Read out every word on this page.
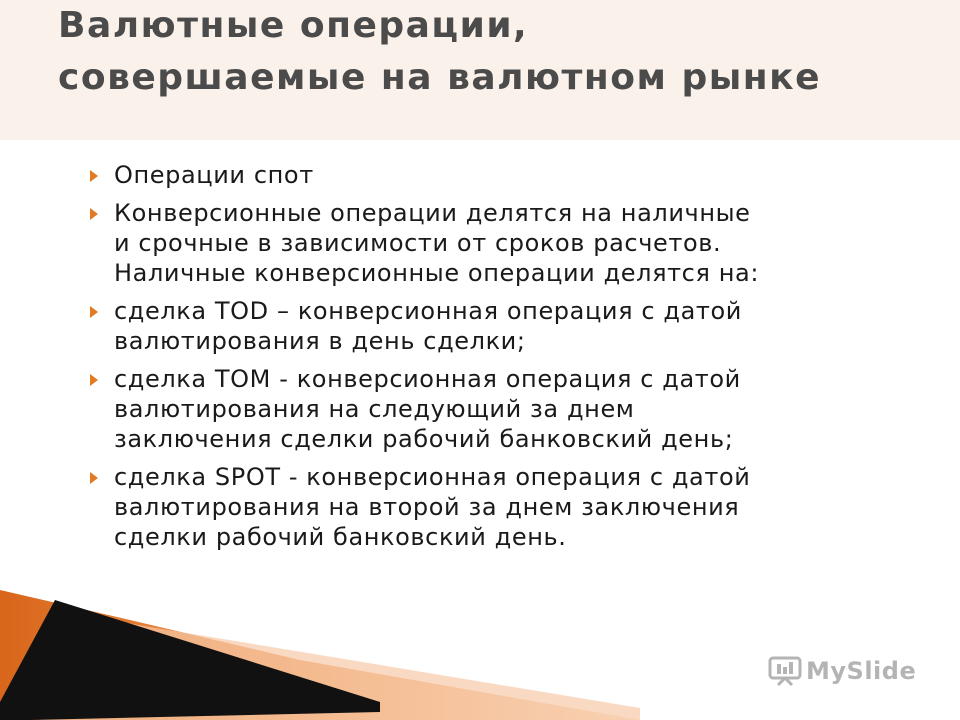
Валютные операции,
совершаемые на валютном рынке
Операции спот
Конверсионные операции делятся на наличные
и срочные в зависимости от сроков расчетов.
Наличные конверсионные операции делятся на:
сделка TOD – конверсионная операция с датой
валютирования в день сделки;
сделка TOM - конверсионная операция с датой
валютирования на следующий за днем
заключения сделки рабочий банковский день;
сделка SPOT - конверсионная операция с датой
валютирования на второй за днем заключения
сделки рабочий банковский день.
MySlide
